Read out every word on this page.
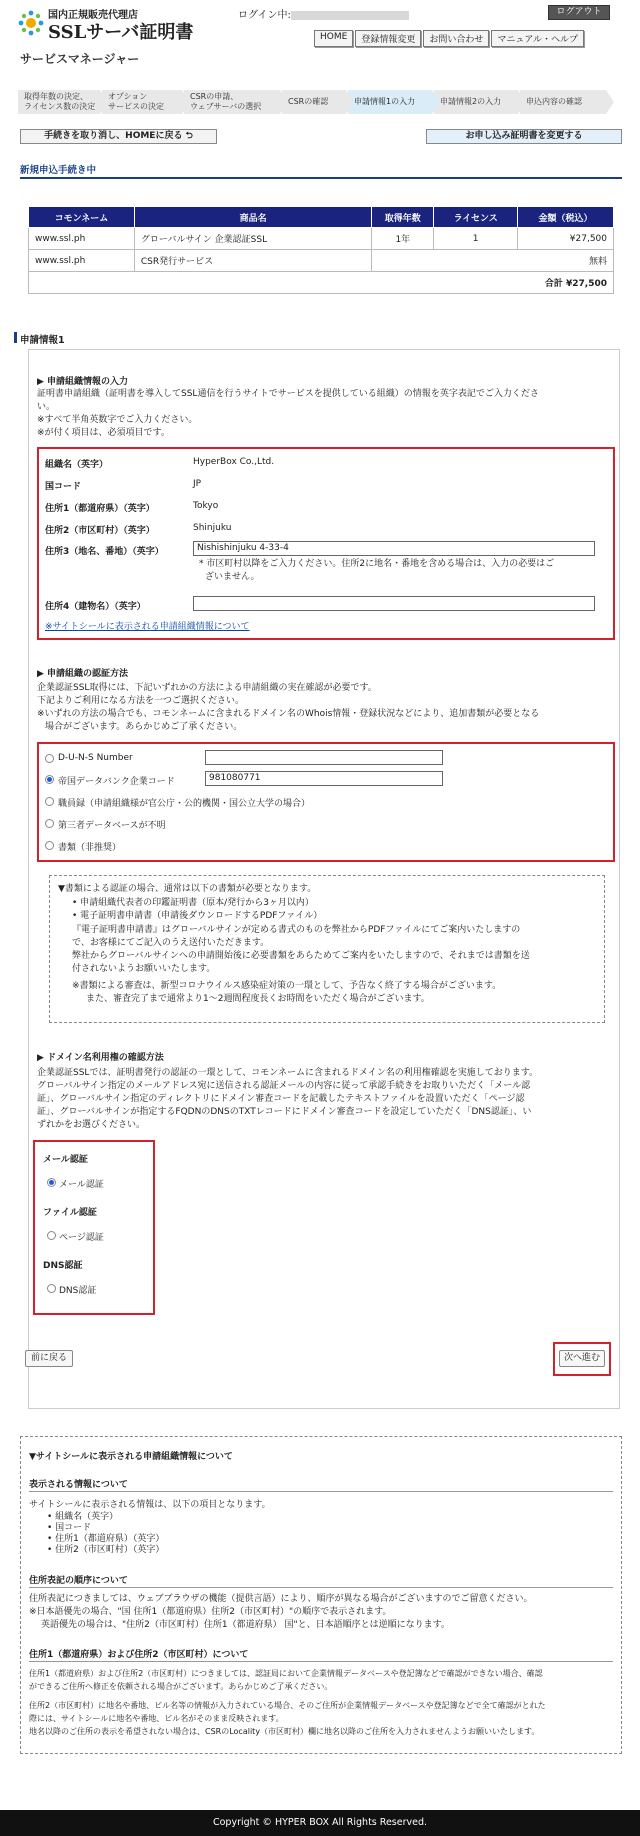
国内正規販売代理店
SSLサーバ証明書
サービスマネージャー
ログイン中:	ログアウト
HOME	登録情報変更	お問い合わせ	マニュアル・ヘルプ
取得年数の決定、
ライセンス数の決定
オプション
サービスの決定
CSRの申請、
ウェブサーバの選択
CSRの確認	申請情報1の入力	申請情報2の入力	申込内容の確認
手続きを取り消し、HOMEに戻る ⮌	お申し込み証明書を変更する
新規申込手続き中
コモンネーム	商品名	取得年数	ライセンス	金額（税込）
www.ssl.ph	グローバルサイン 企業認証SSL	1年	1	¥27,500
www.ssl.ph	CSR発行サービス	無料		
合計 ¥27,500				
申請情報1
▶ 申請組織情報の入力
証明書申請組織（証明書を導入してSSL通信を行うサイトでサービスを提供している組織）の情報を英字表記でご入力くださ
い。
※すべて半角英数字でご入力ください。
※が付く項目は、必須項目です。
組織名（英字）	HyperBox Co.,Ltd.
国コード	JP
住所1（都道府県）（英字）	Tokyo
住所2（市区町村）（英字）	Shinjuku
住所3（地名、番地）（英字）	Nishishinjuku 4-33-4
* 市区町村以降をご入力ください。住所2に地名・番地を含める場合は、入力の必要はご
ざいません。
住所4（建物名）（英字）
※サイトシールに表示される申請組織情報について
▶ 申請組織の認証方法
企業認証SSL取得には、下記いずれかの方法による申請組織の実在確認が必要です。
下記よりご利用になる方法を一つご選択ください。
※いずれの方法の場合でも、コモンネームに含まれるドメイン名のWhois情報・登録状況などにより、追加書類が必要となる
場合がございます。あらかじめご了承ください。
D-U-N-S Number
帝国データバンク企業コード	981080771
職員録（申請組織様が官公庁・公的機関・国公立大学の場合）
第三者データベースが不明
書類（非推奨）
▼書類による認証の場合、通常は以下の書類が必要となります。
• 申請組織代表者の印鑑証明書（原本/発行から3ヶ月以内）
• 電子証明書申請書（申請後ダウンロードするPDFファイル）
『電子証明書申請書』はグローバルサインが定める書式のものを弊社からPDFファイルにてご案内いたしますの
で、お客様にてご記入のうえ送付いただきます。
弊社からグローバルサインへの申請開始後に必要書類をあらためてご案内をいたしますので、それまでは書類を送
付されないようお願いいたします。
※書類による審査は、新型コロナウイルス感染症対策の一環として、予告なく終了する場合がございます。
また、審査完了まで通常より1～2週間程度長くお時間をいただく場合がございます。
▶ ドメイン名利用権の確認方法
企業認証SSLでは、証明書発行の認証の一環として、コモンネームに含まれるドメイン名の利用権確認を実施しております。
グローバルサイン指定のメールアドレス宛に送信される認証メールの内容に従って承認手続きをお取りいただく「メール認
証」、グローバルサイン指定のディレクトリにドメイン審査コードを記載したテキストファイルを設置いただく「ページ認
証」、グローバルサインが指定するFQDNのDNSのTXTレコードにドメイン審査コードを設定していただく「DNS認証」、い
ずれかをお選びください。
メール認証
メール認証
ファイル認証
ページ認証
DNS認証
DNS認証
前に戻る	次へ進む
▼サイトシールに表示される申請組織情報について
表示される情報について
サイトシールに表示される情報は、以下の項目となります。
• 組織名（英字）
• 国コード
• 住所1（都道府県）（英字）
• 住所2（市区町村）（英字）
住所表記の順序について
住所表記につきましては、ウェブブラウザの機能（提供言語）により、順序が異なる場合がございますのでご留意ください。
※日本語優先の場合、"国 住所1（都道府県）住所2（市区町村）"の順序で表示されます。
英語優先の場合は、"住所2（市区町村）住所1（都道府県） 国"と、日本語順序とは逆順になります。
住所1（都道府県）および住所2（市区町村）について
住所1（都道府県）および住所2（市区町村）につきましては、認証局において企業情報データベースや登記簿などで確認ができない場合、確認
ができるご住所へ修正を依頼される場合がございます。あらかじめご了承ください。
住所2（市区町村）に地名や番地、ビル名等の情報が入力されている場合、そのご住所が企業情報データベースや登記簿などで全て確認がとれた
際には、サイトシールに地名や番地、ビル名がそのまま反映されます。
地名以降のご住所の表示を希望されない場合は、CSRのLocality（市区町村）欄に地名以降のご住所を入力されませんようお願いいたします。
Copyright © HYPER BOX All Rights Reserved.
